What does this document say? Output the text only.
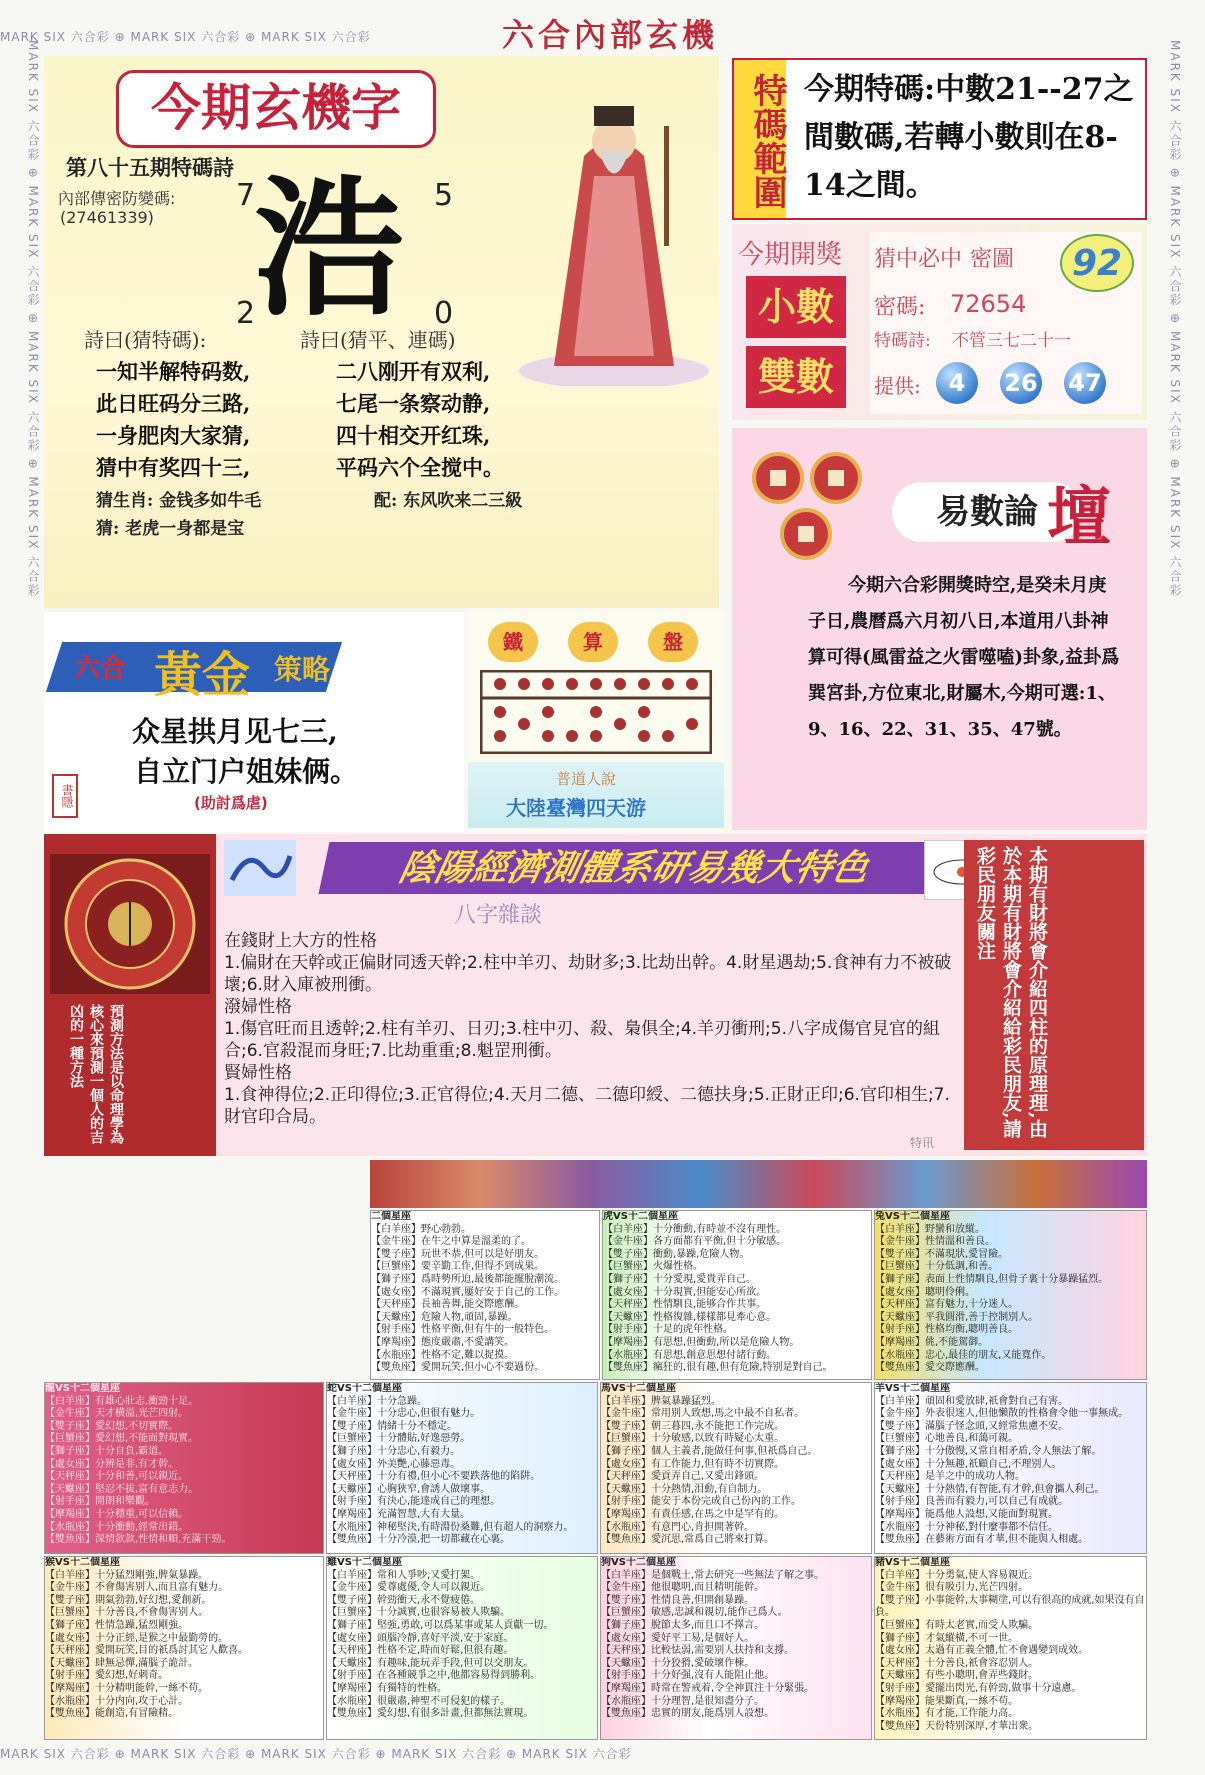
MARK SIX 六合彩 ⊕ MARK SIX 六合彩 ⊕ MARK SIX 六合彩
MARK SIX 六合彩 ⊕ MARK SIX 六合彩 ⊕ MARK SIX 六合彩 ⊕ MARK SIX 六合彩 ⊕ MARK SIX 六合彩
MARK SIX 六合彩 ⊕ MARK SIX 六合彩 ⊕ MARK SIX 六合彩 ⊕ MARK SIX 六合彩
MARK SIX 六合彩 ⊕ MARK SIX 六合彩 ⊕ MARK SIX 六合彩 ⊕ MARK SIX 六合彩
六合內部玄機
今期玄機字
第八十五期特碼詩
內部傳密防變碼:
(27461339) 浩
7	5
2	0
詩曰(猜特碼):	詩曰(猜平、連碼)
一知半解特码数,
此日旺码分三路,
一身肥肉大家猜,
猜中有奖四十三,
二八刚开有双利,
七尾一条察动静,
四十相交开红珠,
平码六个全搅中。
猜生肖: 金钱多如牛毛	配: 东风吹来二三級
猜: 老虎一身都是宝
特碼範圍 今期特碼:中數21--27之間數碼,若轉小數則在8-14之間。
今期開獎
小數
雙數
猜中必中 密圖	92
密碼: 72654
特碼詩: 不管三七二十一
提供:	4	26 47
易數論 壇
今期六合彩開獎時空,是癸未月庚子日,農曆爲六月初八日,本道用八卦神算可得(風雷益之火雷噬嗑)卦象,益卦爲巽宮卦,方位東北,財屬木,今期可選:1、9、16、22、31、35、47號。
六合 黃金 策略
众星拱月见七三,
自立门户姐妹俩。
(助討爲虐)
書隱
鐵	算	盤
普道人說
大陸臺灣四天游
預測方法是以命理學為核心來預測一個人的吉凶的一種方法
陰陽經濟測體系研易幾大特色
八字雜談
在錢財上大方的性格
1.偏財在天幹或正偏財同透天幹;2.柱中羊刃、劫財多;3.比劫出幹。4.財星遇劫;5.食神有力不被破壞;6.財入庫被刑衝。
潑婦性格
1.傷官旺而且透幹;2.柱有羊刃、日刃;3.柱中刃、殺、梟俱全;4.羊刃衝刑;5.八字成傷官見官的組合;6.官殺混而身旺;7.比劫重重;8.魁罡刑衝。
賢婦性格
1.食神得位;2.正印得位;3.正官得位;4.天月二德、二德印綬、二德扶身;5.正財正印;6.官印相生;7.財官印合局。	本期有財將會介紹四柱的原理理,由於本期有財將會介紹給彩民朋友,請彩民朋友關注
特讯
二個星座
【白羊座】野心勃勃。
【金牛座】在牛之中算是溫柔的了。
【雙子座】玩世不恭,但可以是好朋友。
【巨蟹座】要辛勤工作,但得不到成果。
【獅子座】爲時勢所迫,最後都能擺脫潮流。
【處女座】不滿現實,屢好安于自己的工作。
【天秤座】長袖善舞,能交際應酬。
【天蠍座】危險人物,頑固,暴躁。
【射手座】性格平衡,但有牛的一般特色。
【摩羯座】態度嚴肅,不愛講笑。
【水瓶座】性格不定,難以捉摸。
【雙魚座】愛開玩笑,但小心不要過份。
虎VS十二個星座
【白羊座】十分衝動,有時並不沒有理性。
【金牛座】各方面都有平衡,但十分敏感。
【雙子座】衝動,暴躁,危險人物。
【巨蟹座】火爆性格。
【獅子座】十分愛現,愛貴弄自己。
【處女座】十分現實,但能安心所欲。
【天秤座】性情馴良,能够合作共事。
【天蠍座】性格復雜,樣樣都見牽心意。
【射手座】十足的虎年性格。
【摩羯座】有思想,但衝動,所以是危險人物。
【水瓶座】有思想,創意思想付諸行動。
【雙魚座】瘋狂的,很有趣,但有危險,特别是對自己。
兔VS十二個星座
【白羊座】野蠻和放縱。
【金牛座】性情溫和善良。
【雙子座】不滿現狀,愛冒險。
【巨蟹座】十分低調,和善。
【獅子座】表面上性情馴良,但骨子裏十分暴躁猛烈。
【處女座】聰明伶俐。
【天秤座】富有魅力,十分迷人。
【天蠍座】平我圓滑,善于控制別人。
【射手座】性格均衡,聰明善良。
【摩羯座】佻,不能駕御。
【水瓶座】忠心,最佳的朋友,又能寬作。
【雙魚座】愛交際應酬。
龍VS十二個星座
【白羊座】有雄心壯志,衝勁十足。
【金牛座】天才横溢,光芒四射。
【雙子座】愛幻想,不切實際。
【巨蟹座】愛幻想,不能面對現實。
【獅子座】十分自負,霸道。
【處女座】分辨是非,有才幹。
【天秤座】十分和善,可以親近。
【天蠍座】堅忍不拔,富有意志力。
【射手座】開朗和樂觀。
【摩羯座】十分穩重,可以信賴。
【水瓶座】十分衝動,經常出錯。
【雙魚座】深情款款,性情和順,充滿干勁。
蛇VS十二個星座
【白羊座】十分急躁。
【金牛座】十分忠心,但很有魅力。
【雙子座】情緒十分不穩定。
【巨蟹座】十分體貼,好逸惡勞。
【獅子座】十分忠心,有毅力。
【處女座】外美艷,心藤惡毒。
【天秤座】十分有禮,但小心不要跌落他的陷阱。
【天蠍座】心胸狹窄,會誘人做壞事。
【射手座】有決心,能達成自己的理想。
【摩羯座】充滿智慧,大有大量。
【水瓶座】神秘堅決,有時淵份桑難,但有超人的洞察力。
【雙魚座】十分冷漠,把一切都藏在心裏。
馬VS十二個星座
【白羊座】脾氣暴躁猛烈。
【金牛座】常用别人致想,馬之中最不自私者。
【雙子座】朝三暮四,永不能把工作完成。
【巨蟹座】十分敏感,以致有時疑心太重。
【獅子座】個人主義者,能做任何事,但祇爲自己。
【處女座】有工作能力,但有時不切實際。
【天秤座】愛貢弄自己,又愛出鋒頭。
【天蠍座】十分熱情,泪動,有自制力。
【射手座】能安于本份完成自己份內的工作。
【摩羯座】有責任感,在馬之中是罕有的。
【水瓶座】有意門心,肯担開著幹。
【雙魚座】愛沉思,常爲自己將來打算。
羊VS十二個星座
【白羊座】頑固和愛放肆,祇會對自己有害。
【金牛座】外表很迷人,但他懶散的性格會令他一事無成。
【雙子座】滿腦子怪念頭,又經常焦慮不安。
【巨蟹座】心地善良,和藹可親。
【獅子座】十分傲慢,又常自相矛盾,令人無法了解。
【處女座】十分無趣,祇顧自己,不理别人。
【天秤座】是羊之中的成功人物。
【天蠍座】十分熱情,有智能,有才幹,但會攜人利己。
【射手座】良善而有毅力,可以自己有成就。
【摩羯座】能爲他人設想,又能面對現實。
【水瓶座】十分神秘,對什麼事都不信任。
【雙魚座】在藝術方面有才華,但不能與人相處。
猴VS十二個星座
【白羊座】十分猛烈剛強,脾氣暴躁。
【金牛座】不會傷害别人,而且富有魅力。
【雙子座】期氣勃勃,好幻想,愛創新。
【巨蟹座】十分善良,不會傷害别人。
【獅子座】性情急躁,猛烈剛強。
【處女座】十分正經,是猴之中最勤勞的。
【天秤座】愛開玩笑,目的祇爲討其它人歡喜。
【天蠍座】肆無忌憚,滿腦子詭計。
【射手座】愛幻想,好刺奇。
【摩羯座】十分精明能幹,一絲不苟。
【水瓶座】十分内向,攻于心計。
【雙魚座】能創造,有冒險精。
雞VS十二個星座
【白羊座】常和人爭吵,又愛打架。
【金牛座】愛尊處優,令人可以親近。
【雙子座】幹勁衝天,永不覺疲倦。
【巨蟹座】十分誠實,也很容易被人欺騙。
【獅子座】堅強,勇敢,可以爲某事或某人貢獻一切。
【處女座】頭腦冷靜,喜好平淡,安于家庭。
【天秤座】性格不定,時而好鬆,但很有趣。
【天蠍座】有趣味,能玩弄手段,但可以交朋友。
【射手座】在各種競爭之中,他都容易得到勝利。
【摩羯座】有獨特的性格。
【水瓶座】很嚴肅,神聖不可侵犯的樣子。
【雙魚座】愛幻想,有很多計畫,但都無法實現。
狗VS十二個星座
【白羊座】是個戰士,常去研究一些無法了解之事。
【金牛座】他很聰明,而且精明能幹。
【雙子座】性情良善,但開創暴躁。
【巨蟹座】敏感,忠誠和親切,能作己爲人。
【獅子座】脫節太多,而且口不擇言。
【處女座】愛好平工易,是個好人。
【天秤座】比較怯弱,需要别人扶持和支撐。
【天蠍座】十分狡猾,愛破壞作棟。
【射手座】十分好强,沒有人能阻止他。
【摩羯座】時常在警戒着,令全神貫注十分緊張。
【水瓶座】十分理智,是很知盡分子。
【雙魚座】忠實的朋友,能爲別人設想。
豬VS十二個星座
【白羊座】十分勇氣,使人容易親近。
【金牛座】很有吸引力,光芒四射。
【雙子座】小事能幹,大事糊塗,可以有很高的成就,如果沒有自負。
【巨蟹座】有時太老實,而受人欺騙。
【獅子座】才氣縱橫,不可一世。
【處女座】太過有正義全體,忙不會遇變到成效。
【天秤座】十分善良,祇會容忍别人。
【天蠍座】有些小聰明,會弄些錢財。
【射手座】愛擺出閃光,有幹勁,做事十分遠慮。
【摩羯座】能果斷真,一絲不苟。
【水瓶座】有才能,工作能力高。
【雙魚座】天份特别深厚,才華出衆。
